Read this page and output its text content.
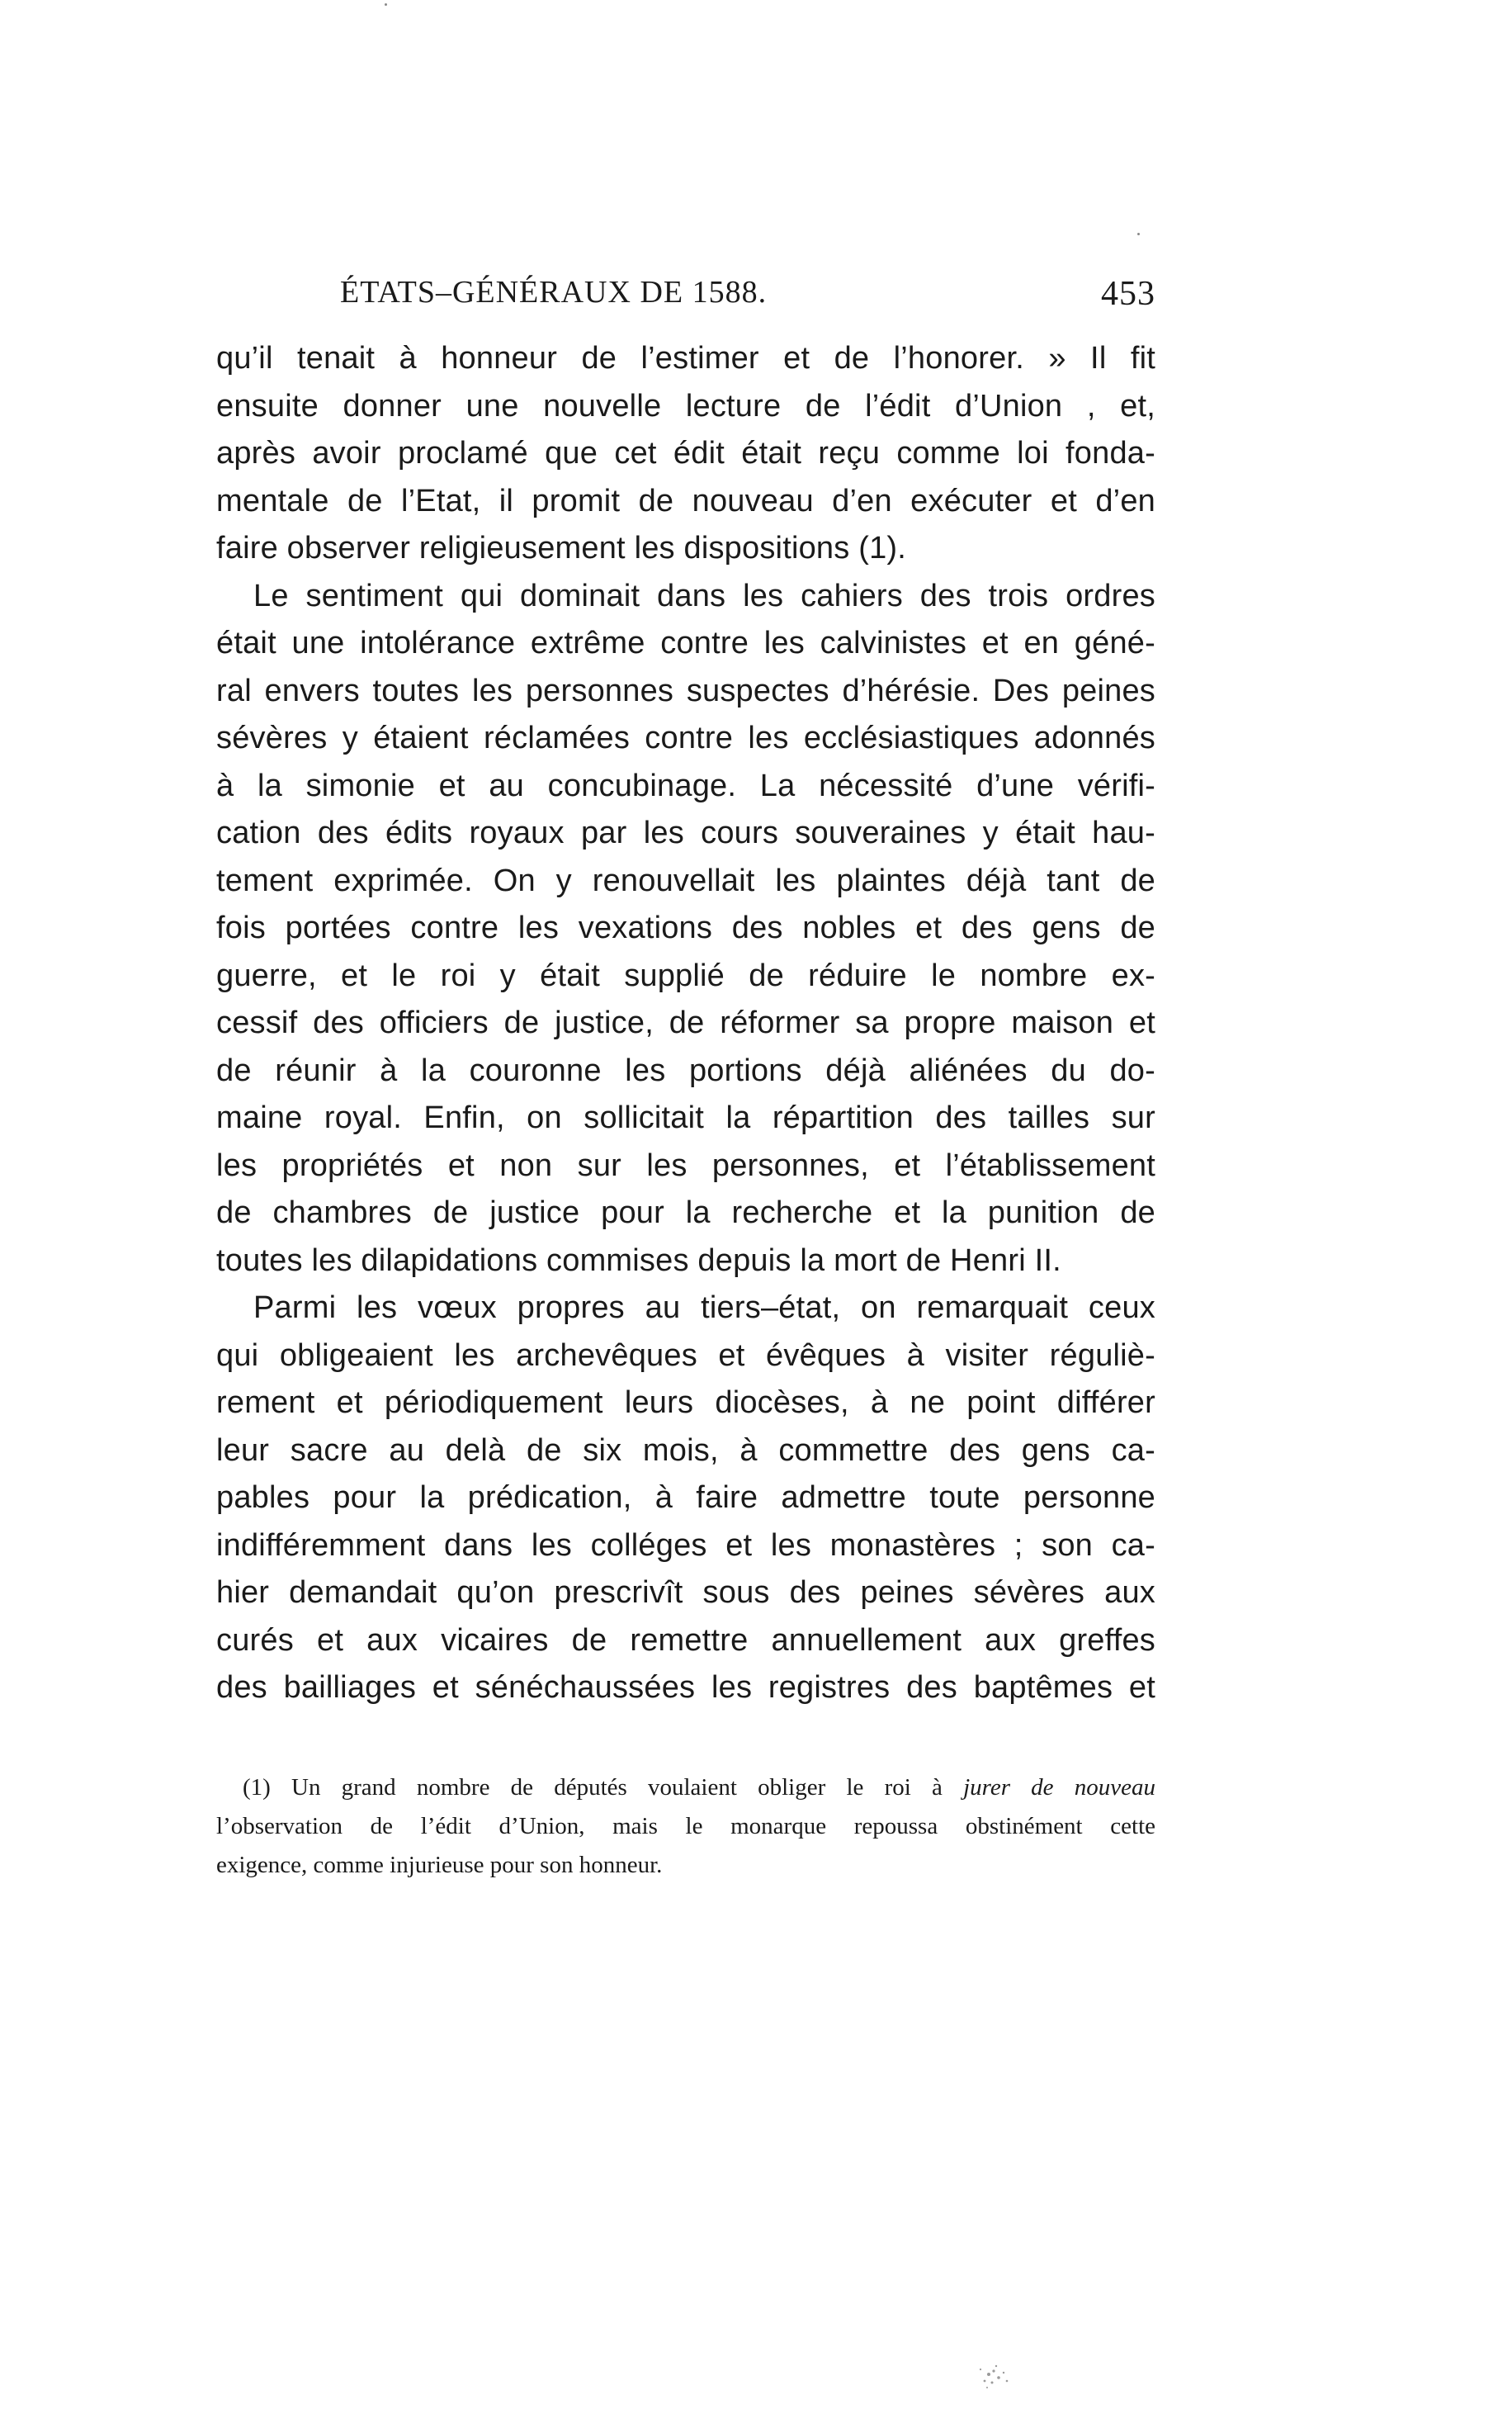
ÉTATS–GÉNÉRAUX DE 1588.	453
qu’il tenait à honneur de l’estimer et de l’honorer. » Il fit
ensuite donner une nouvelle lecture de l’édit d’Union , et,
après avoir proclamé que cet édit était reçu comme loi fonda-
mentale de l’Etat, il promit de nouveau d’en exécuter et d’en
faire observer religieusement les dispositions (1).
Le sentiment qui dominait dans les cahiers des trois ordres
était une intolérance extrême contre les calvinistes et en géné-
ral envers toutes les personnes suspectes d’hérésie. Des peines
sévères y étaient réclamées contre les ecclésiastiques adonnés
à la simonie et au concubinage. La nécessité d’une vérifi-
cation des édits royaux par les cours souveraines y était hau-
tement exprimée. On y renouvellait les plaintes déjà tant de
fois portées contre les vexations des nobles et des gens de
guerre, et le roi y était supplié de réduire le nombre ex-
cessif des officiers de justice, de réformer sa propre maison et
de réunir à la couronne les portions déjà aliénées du do-
maine royal. Enfin, on sollicitait la répartition des tailles sur
les propriétés et non sur les personnes, et l’établissement
de chambres de justice pour la recherche et la punition de
toutes les dilapidations commises depuis la mort de Henri II.
Parmi les vœux propres au tiers–état, on remarquait ceux
qui obligeaient les archevêques et évêques à visiter réguliè-
rement et périodiquement leurs diocèses, à ne point différer
leur sacre au delà de six mois, à commettre des gens ca-
pables pour la prédication, à faire admettre toute personne
indifféremment dans les colléges et les monastères ; son ca-
hier demandait qu’on prescrivît sous des peines sévères aux
curés et aux vicaires de remettre annuellement aux greffes
des bailliages et sénéchaussées les registres des baptêmes et
(1) Un grand nombre de députés voulaient obliger le roi à jurer de nouveau
l’observation de l’édit d’Union, mais le monarque repoussa obstinément cette
exigence, comme injurieuse pour son honneur.
